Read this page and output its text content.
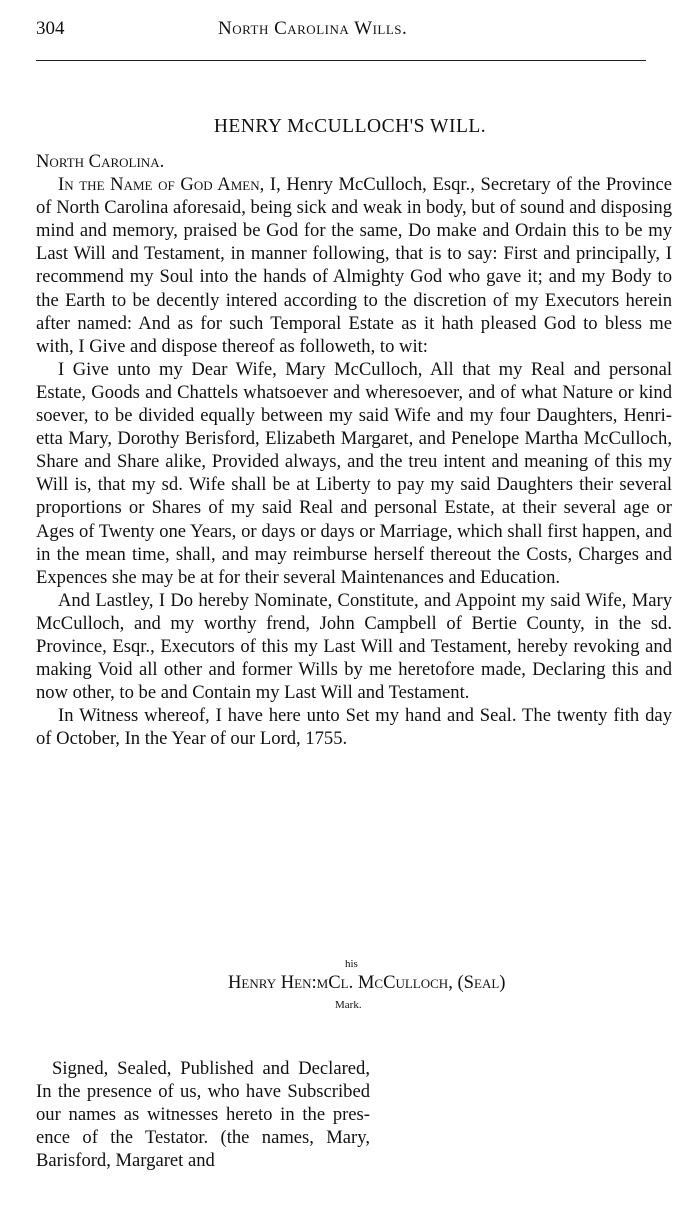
304	North Carolina Wills.
HENRY McCULLOCH'S WILL.

North Carolina.

In the Name of God Amen, I, Henry McCulloch, Esqr., Secretary of the Province of North Carolina aforesaid, being sick and weak in body, but of sound and disposing mind and memory, praised be God for the same, Do make and Ordain this to be my Last Will and Testament, in manner following, that is to say: First and principally, I recommend my Soul into the hands of Almighty God who gave it; and my Body to the Earth to be decently intered according to the discretion of my Executors herein after named: And as for such Temporal Estate as it hath pleased God to bless me with, I Give and dispose thereof as followeth, to wit:

I Give unto my Dear Wife, Mary McCulloch, All that my Real and personal Estate, Goods and Chattels whatsoever and wheresoever, and of what Nature or kind soever, to be divided equally between my said Wife and my four Daughters, Henrietta Mary, Dorothy Berisford, Elizabeth Margaret, and Penelope Martha McCulloch, Share and Share alike, Provided always, and the treu intent and meaning of this my Will is, that my sd. Wife shall be at Liberty to pay my said Daughters their several proportions or Shares of my said Real and personal Estate, at their several age or Ages of Twenty one Years, or days or days or Marriage, which shall first happen, and in the mean time, shall, and may reimburse herself thereout the Costs, Charges and Expences she may be at for their several Maintenances and Education.

And Lastley, I Do hereby Nominate, Constitute, and Appoint my said Wife, Mary McCulloch, and my worthy frend, John Campbell of Bertie County, in the sd. Province, Esqr., Executors of this my Last Will and Testament, hereby revoking and making Void all other and former Wills by me heretofore made, Declaring this and now other, to be and Contain my Last Will and Testament.

In Witness whereof, I have here unto Set my hand and Seal. The twenty fith day of October, In the Year of our Lord, 1755.

his
Henry Hen:mCl. McCulloch, (Seal)
Mark.

Signed, Sealed, Published and Declared, In the presence of us, who have Subscribed our names as witnesses hereto in the presence of the Testator. (the names, Mary, Barisford, Margaret and
